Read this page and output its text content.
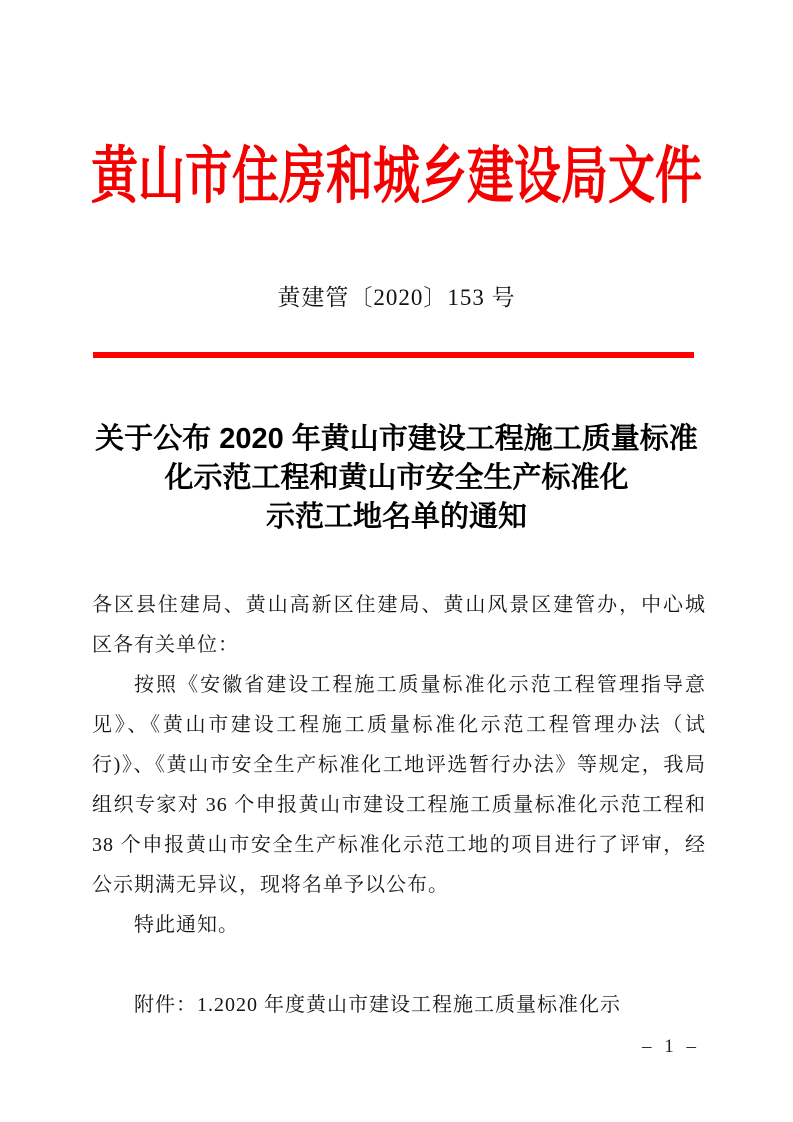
黄山市住房和城乡建设局文件
黄建管〔2020〕153 号
关于公布 2020 年黄山市建设工程施工质量标准
化示范工程和黄山市安全生产标准化
示范工地名单的通知
各区县住建局、黄山高新区住建局、黄山风景区建管办，中心城
区各有关单位：
按照《安徽省建设工程施工质量标准化示范工程管理指导意
见》、《黄山市建设工程施工质量标准化示范工程管理办法（试
行)》、《黄山市安全生产标准化工地评选暂行办法》等规定，我局
组织专家对 36 个申报黄山市建设工程施工质量标准化示范工程和
38 个申报黄山市安全生产标准化示范工地的项目进行了评审，经
公示期满无异议，现将名单予以公布。
特此通知。
附件：1.2020 年度黄山市建设工程施工质量标准化示
– 1 –
